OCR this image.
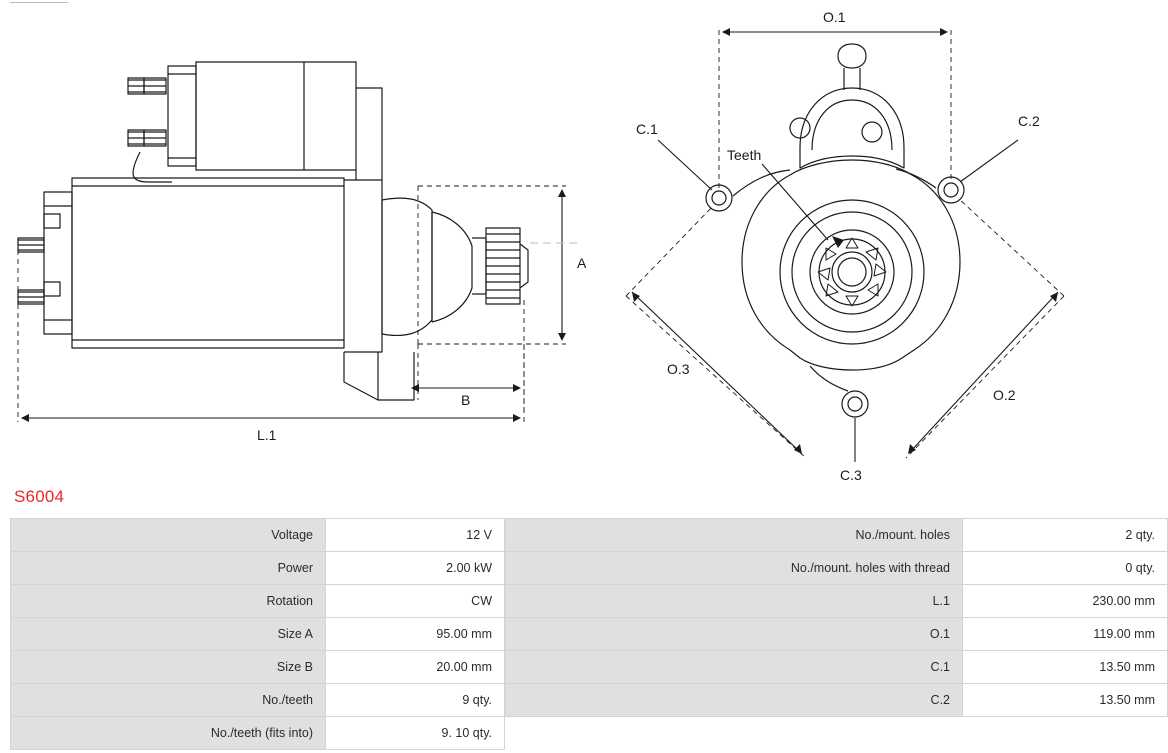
A
B
L.1
O.1
O.3
O.2
C.1	C.2
C.3
Teeth
S6004
Voltage	12 V
Power	2.00 kW
Rotation	CW
Size A	95.00 mm
Size B	20.00 mm
No./teeth	9 qty.
No./teeth (fits into)	9. 10 qty.
No./mount. holes	2 qty.
No./mount. holes with thread	0 qty.
L.1	230.00 mm
O.1	119.00 mm
C.1	13.50 mm
C.2	13.50 mm
